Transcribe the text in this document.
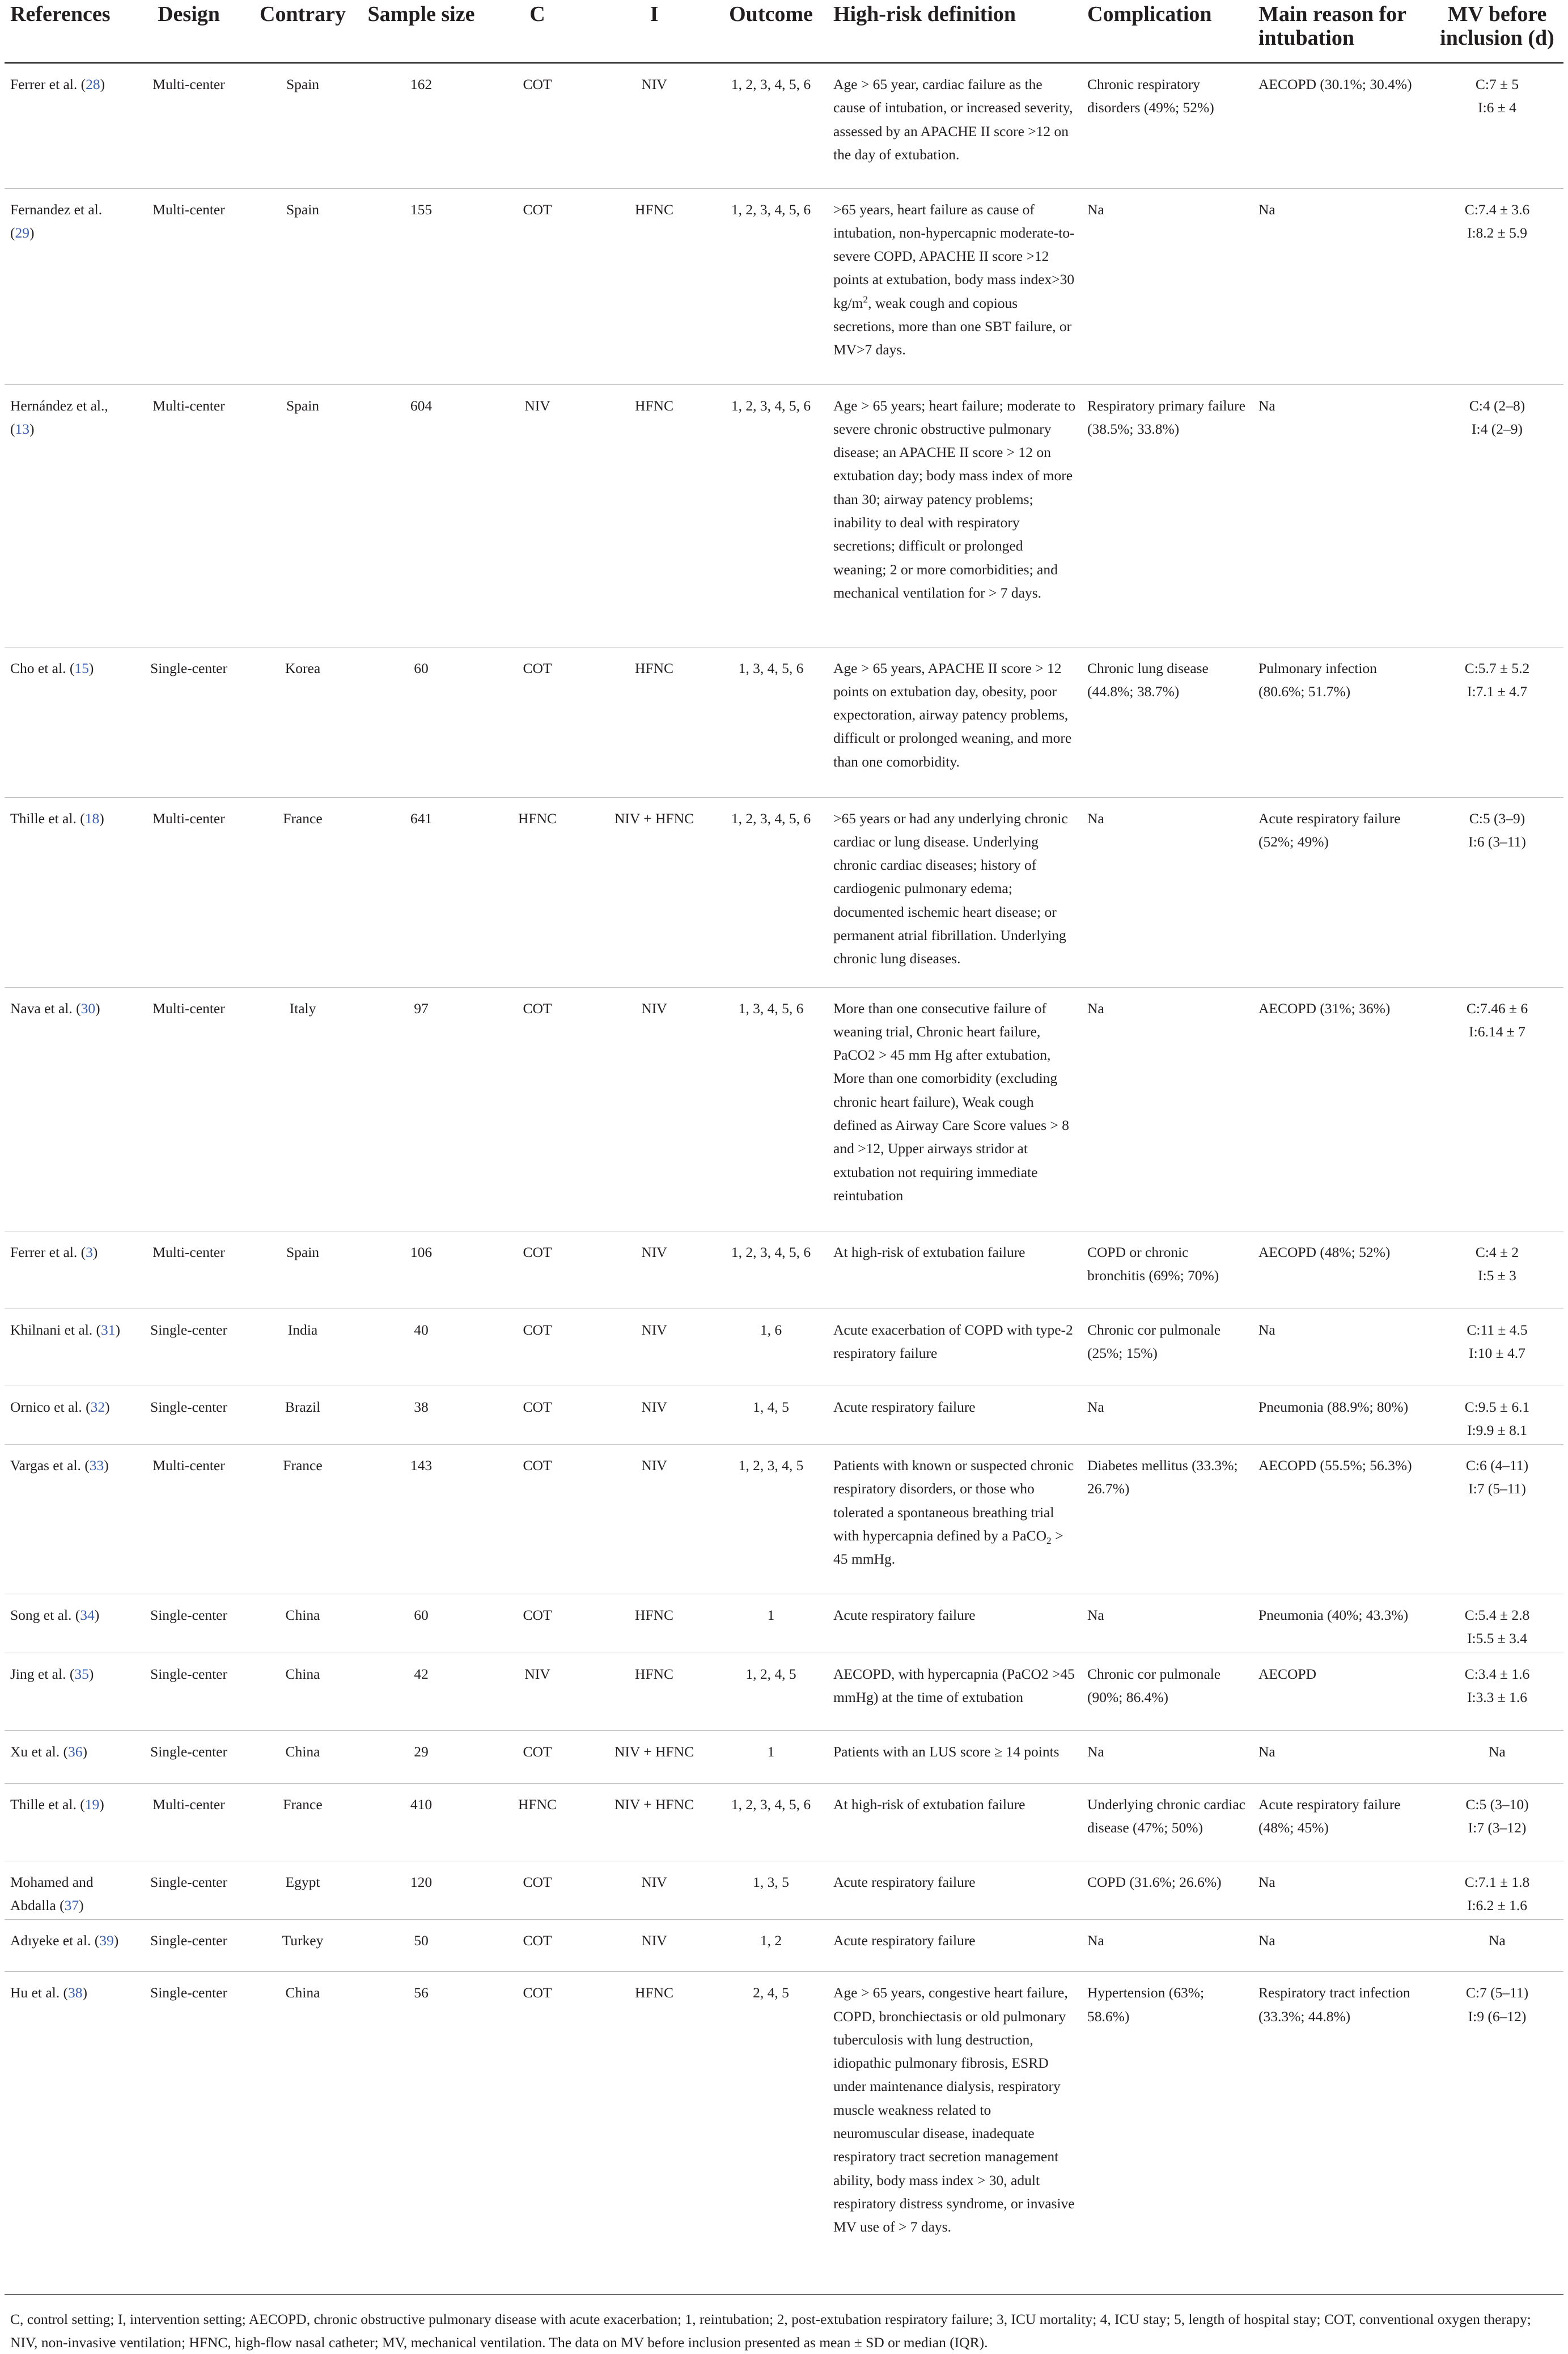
References	Design	Contrary	Sample size	C	I	Outcome	High-risk definition	Complication	Main reason for intubation	MV before inclusion (d)
Ferrer et al. (28)	Multi-center	Spain	162	COT	NIV	1, 2, 3, 4, 5, 6	Age > 65 year, cardiac failure as the cause of intubation, or increased severity, assessed by an APACHE II score >12 on the day of extubation.	Chronic respiratory disorders (49%; 52%)	AECOPD (30.1%; 30.4%)	C:7 ± 5
I:6 ± 4

Fernandez et al. (29)	Multi-center	Spain	155	COT	HFNC	1, 2, 3, 4, 5, 6	>65 years, heart failure as cause of intubation, non-hypercapnic moderate-to-severe COPD, APACHE II score >12 points at extubation, body mass index>30 $kg/m^2$, weak cough and copious secretions, more than one SBT failure, or MV>7 days.	Na	Na	C:7.4 ± 3.6
I:8.2 ± 5.9

Hernández et al., (13)	Multi-center	Spain	604	NIV	HFNC	1, 2, 3, 4, 5, 6	Age > 65 years; heart failure; moderate to severe chronic obstructive pulmonary disease; an APACHE II score > 12 on extubation day; body mass index of more than 30; airway patency problems; inability to deal with respiratory secretions; difficult or prolonged weaning; 2 or more comorbidities; and mechanical ventilation for > 7 days.	Respiratory primary failure (38.5%; 33.8%)	Na	C:4 (2–8)
I:4 (2–9)

Cho et al. (15)	Single-center	Korea	60	COT	HFNC	1, 3, 4, 5, 6	Age > 65 years, APACHE II score > 12 points on extubation day, obesity, poor expectoration, airway patency problems, difficult or prolonged weaning, and more than one comorbidity.	Chronic lung disease (44.8%; 38.7%)	Pulmonary infection (80.6%; 51.7%)	C:5.7 ± 5.2
I:7.1 ± 4.7

Thille et al. (18)	Multi-center	France	641	HFNC	NIV + HFNC	1, 2, 3, 4, 5, 6	>65 years or had any underlying chronic cardiac or lung disease. Underlying chronic cardiac diseases; history of cardiogenic pulmonary edema; documented ischemic heart disease; or permanent atrial fibrillation. Underlying chronic lung diseases.	Na	Acute respiratory failure (52%; 49%)	C:5 (3–9)
I:6 (3–11)

Nava et al. (30)	Multi-center	Italy	97	COT	NIV	1, 3, 4, 5, 6	More than one consecutive failure of weaning trial, Chronic heart failure, PaCO2 > 45 mm Hg after extubation, More than one comorbidity (excluding chronic heart failure), Weak cough defined as Airway Care Score values > 8 and >12, Upper airways stridor at extubation not requiring immediate reintubation	Na	AECOPD (31%; 36%)	C:7.46 ± 6
I:6.14 ± 7

Ferrer et al. (3)	Multi-center	Spain	106	COT	NIV	1, 2, 3, 4, 5, 6	At high-risk of extubation failure	COPD or chronic bronchitis (69%; 70%)	AECOPD (48%; 52%)	C:4 ± 2
I:5 ± 3

Khilnani et al. (31)	Single-center	India	40	COT	NIV	1, 6	Acute exacerbation of COPD with type-2 respiratory failure	Chronic cor pulmonale (25%; 15%)	Na	C:11 ± 4.5
I:10 ± 4.7

Ornico et al. (32)	Single-center	Brazil	38	COT	NIV	1, 4, 5	Acute respiratory failure	Na	Pneumonia (88.9%; 80%)	C:9.5 ± 6.1
I:9.9 ± 8.1

Vargas et al. (33)	Multi-center	France	143	COT	NIV	1, 2, 3, 4, 5	Patients with known or suspected chronic respiratory disorders, or those who tolerated a spontaneous breathing trial with hypercapnia defined by a PaCO$_2$ > 45 mmHg.	Diabetes mellitus (33.3%; 26.7%)	AECOPD (55.5%; 56.3%)	C:6 (4–11)
I:7 (5–11)

Song et al. (34)	Single-center	China	60	COT	HFNC	1	Acute respiratory failure	Na	Pneumonia (40%; 43.3%)	C:5.4 ± 2.8
I:5.5 ± 3.4

Jing et al. (35)	Single-center	China	42	NIV	HFNC	1, 2, 4, 5	AECOPD, with hypercapnia (PaCO2 >45 mmHg) at the time of extubation	Chronic cor pulmonale (90%; 86.4%)	AECOPD	C:3.4 ± 1.6
I:3.3 ± 1.6

Xu et al. (36)	Single-center	China	29	COT	NIV + HFNC	1	Patients with an LUS score ≥ 14 points	Na	Na	Na

Thille et al. (19)	Multi-center	France	410	HFNC	NIV + HFNC	1, 2, 3, 4, 5, 6	At high-risk of extubation failure	Underlying chronic cardiac disease (47%; 50%)	Acute respiratory failure (48%; 45%)	C:5 (3–10)
I:7 (3–12)

Mohamed and Abdalla (37)	Single-center	Egypt	120	COT	NIV	1, 3, 5	Acute respiratory failure	COPD (31.6%; 26.6%)	Na	C:7.1 ± 1.8
I:6.2 ± 1.6

Adıyeke et al. (39)	Single-center	Turkey	50	COT	NIV	1, 2	Acute respiratory failure	Na	Na	Na

Hu et al. (38)	Single-center	China	56	COT	HFNC	2, 4, 5	Age > 65 years, congestive heart failure, COPD, bronchiectasis or old pulmonary tuberculosis with lung destruction, idiopathic pulmonary fibrosis, ESRD under maintenance dialysis, respiratory muscle weakness related to neuromuscular disease, inadequate respiratory tract secretion management ability, body mass index > 30, adult respiratory distress syndrome, or invasive MV use of > 7 days.	Hypertension (63%; 58.6%)	Respiratory tract infection (33.3%; 44.8%)	C:7 (5–11)
I:9 (6–12)
C, control setting; I, intervention setting; AECOPD, chronic obstructive pulmonary disease with acute exacerbation; 1, reintubation; 2, post-extubation respiratory failure; 3, ICU mortality; 4, ICU stay; 5, length of hospital stay; COT, conventional oxygen therapy; NIV, non-invasive ventilation; HFNC, high-flow nasal catheter; MV, mechanical ventilation. The data on MV before inclusion presented as mean ± SD or median (IQR).
